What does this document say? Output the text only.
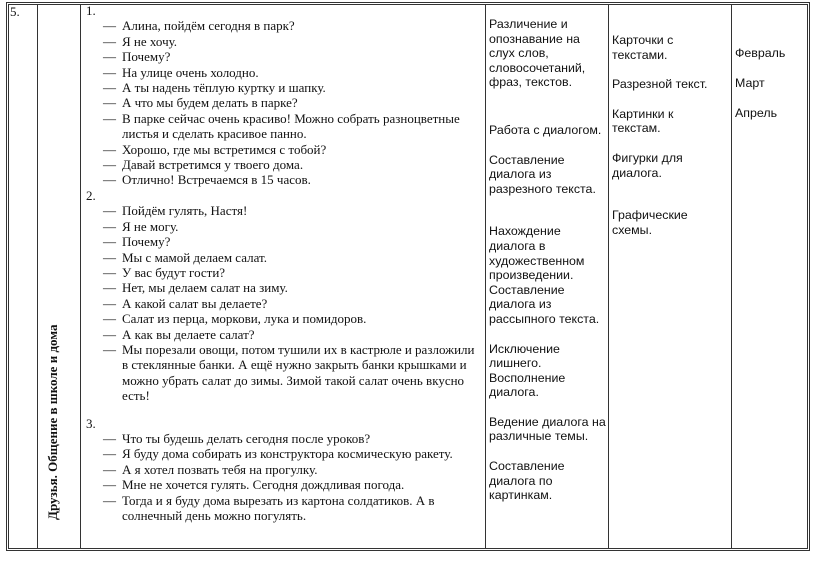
5.
Друзья. Общение в школе и дома

1.

— Алина, пойдём сегодня в парк?
— Я не хочу.
— Почему?
— На улице очень холодно.
— А ты надень тёплую куртку и шапку.
— А что мы будем делать в парке?
— В парке сейчас очень красиво! Можно собрать разноцветные листья и сделать красивое панно.
— Хорошо, где мы встретимся с тобой?
— Давай встретимся у твоего дома.
— Отлично! Встречаемся в 15 часов.

2.

— Пойдём гулять, Настя!
— Я не могу.
— Почему?
— Мы с мамой делаем салат.
— У вас будут гости?
— Нет, мы делаем салат на зиму.
— А какой салат вы делаете?
— Салат из перца, моркови, лука и помидоров.
— А как вы делаете салат?
— Мы порезали овощи, потом тушили их в кастрюле и разложили в стеклянные банки. А ещё нужно закрыть банки крышками и можно убрать салат до зимы. Зимой такой салат очень вкусно есть!

3.

— Что ты будешь делать сегодня после уроков?
— Я буду дома собирать из конструктора космическую ракету.
— А я хотел позвать тебя на прогулку.
— Мне не хочется гулять. Сегодня дождливая погода.
— Тогда и я буду дома вырезать из картона солдатиков. А в солнечный день можно погулять.

Различение и опознавание на слух слов, словосочетаний, фраз, текстов.

Работа с диалогом.

Составление диалога из разрезного текста.

Нахождение диалога в художественном произведении. Составление диалога из рассыпного текста.

Исключение лишнего. Восполнение диалога.

Ведение диалога на различные темы.

Составление диалога по картинкам.

Карточки с текстами.

Разрезной текст.

Картинки к текстам.

Фигурки для диалога.

Графические схемы.

Февраль

Март

Апрель
